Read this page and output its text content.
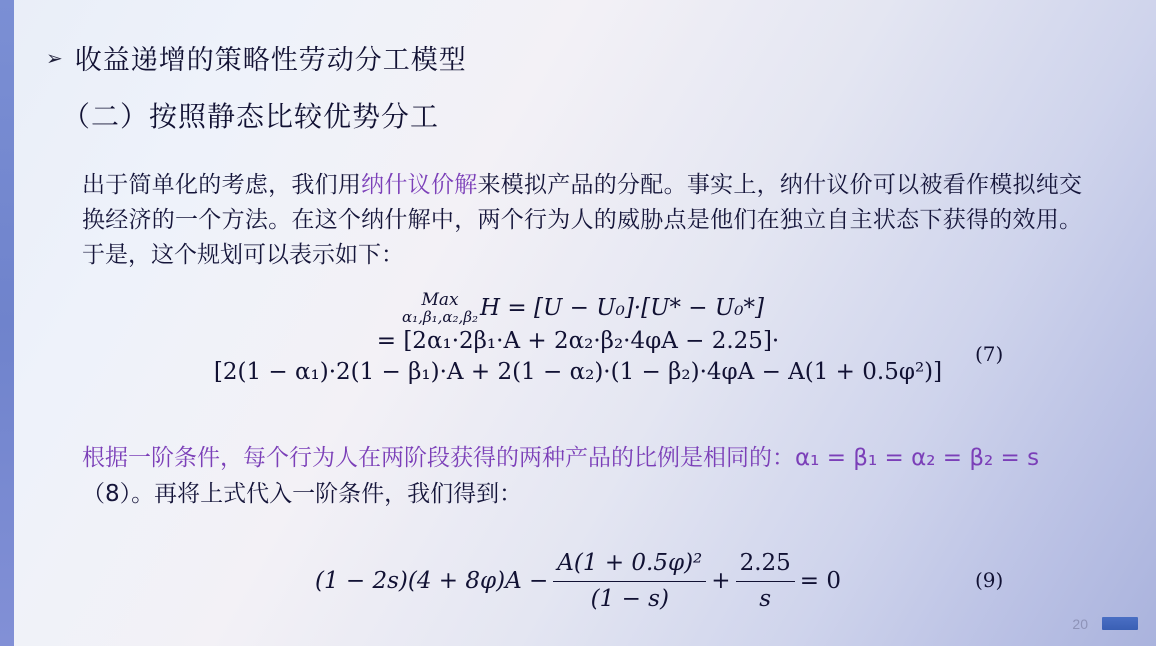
➢ 收益递增的策略性劳动分工模型
（二）按照静态比较优势分工
出于简单化的考虑，我们用纳什议价解来模拟产品的分配。事实上，纳什议价可以被看作模拟纯交换经济的一个方法。在这个纳什解中，两个行为人的威胁点是他们在独立自主状态下获得的效用。于是，这个规划可以表示如下：
Max
α₁,β₁,α₂,β₂ H = [U − U₀]·[U* − U₀*]
= [2α₁·2β₁·A + 2α₂·β₂·4φA − 2.25]·
[2(1 − α₁)·2(1 − β₁)·A + 2(1 − α₂)·(1 − β₂)·4φA − A(1 + 0.5φ²)]
(7)
根据一阶条件，每个行为人在两阶段获得的两种产品的比例是相同的：α₁ = β₁ = α₂ = β₂ = s（8）。再将上式代入一阶条件，我们得到：
$(1 - 2s)(4 + 8\varphi)A - \frac{\text{A(1 + 0.5φ)²}}{(1 - s)} + \frac{2.25}{s} = 0$	(9)
20
